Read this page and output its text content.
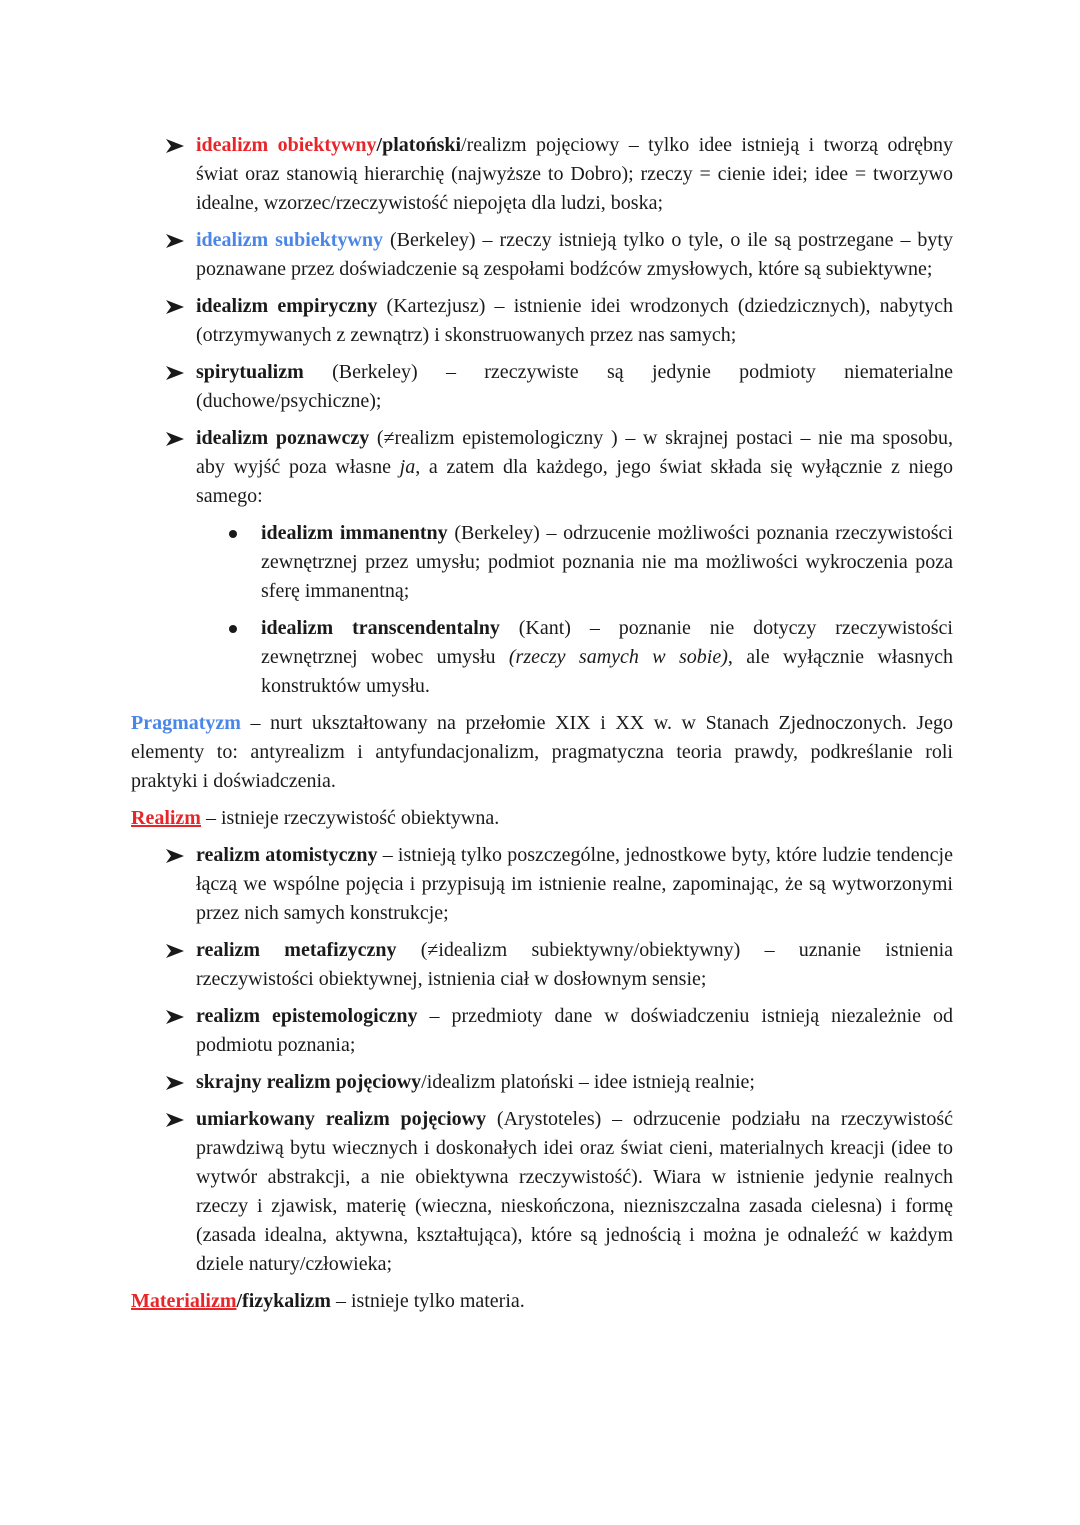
idealizm obiektywny/platoński/realizm pojęciowy – tylko idee istnieją i tworzą odrębny świat oraz stanowią hierarchię (najwyższe to Dobro); rzeczy = cienie idei; idee = tworzywo idealne, wzorzec/rzeczywistość niepojęta dla ludzi, boska;
idealizm subiektywny (Berkeley) – rzeczy istnieją tylko o tyle, o ile są postrzegane – byty poznawane przez doświadczenie są zespołami bodźców zmysłowych, które są subiektywne;
idealizm empiryczny (Kartezjusz) – istnienie idei wrodzonych (dziedzicznych), nabytych (otrzymywanych z zewnątrz) i skonstruowanych przez nas samych;
spirytualizm (Berkeley) – rzeczywiste są jedynie podmioty niematerialne (duchowe/psychiczne);
idealizm poznawczy (≠realizm epistemologiczny ) – w skrajnej postaci – nie ma sposobu, aby wyjść poza własne ja, a zatem dla każdego, jego świat składa się wyłącznie z niego samego:
idealizm immanentny (Berkeley) – odrzucenie możliwości poznania rzeczywistości zewnętrznej przez umysłu; podmiot poznania nie ma możliwości wykroczenia poza sferę immanentną;
idealizm transcendentalny (Kant) – poznanie nie dotyczy rzeczywistości zewnętrznej wobec umysłu (rzeczy samych w sobie), ale wyłącznie własnych konstruktów umysłu.
Pragmatyzm – nurt ukształtowany na przełomie XIX i XX w. w Stanach Zjednoczonych. Jego elementy to: antyrealizm i antyfundacjonalizm, pragmatyczna teoria prawdy, podkreślanie roli praktyki i doświadczenia.
Realizm – istnieje rzeczywistość obiektywna.
realizm atomistyczny – istnieją tylko poszczególne, jednostkowe byty, które ludzie tendencje łączą we wspólne pojęcia i przypisują im istnienie realne, zapominając, że są wytworzonymi przez nich samych konstrukcje;
realizm metafizyczny (≠idealizm subiektywny/obiektywny) – uznanie istnienia rzeczywistości obiektywnej, istnienia ciał w dosłownym sensie;
realizm epistemologiczny – przedmioty dane w doświadczeniu istnieją niezależnie od podmiotu poznania;
skrajny realizm pojęciowy/idealizm platoński – idee istnieją realnie;
umiarkowany realizm pojęciowy (Arystoteles) – odrzucenie podziału na rzeczywistość prawdziwą bytu wiecznych i doskonałych idei oraz świat cieni, materialnych kreacji (idee to wytwór abstrakcji, a nie obiektywna rzeczywistość). Wiara w istnienie jedynie realnych rzeczy i zjawisk, materię (wieczna, nieskończona, niezniszczalna zasada cielesna) i formę (zasada idealna, aktywna, kształtująca), które są jednością i można je odnaleźć w każdym dziele natury/człowieka;
Materializm/fizykalizm – istnieje tylko materia.
